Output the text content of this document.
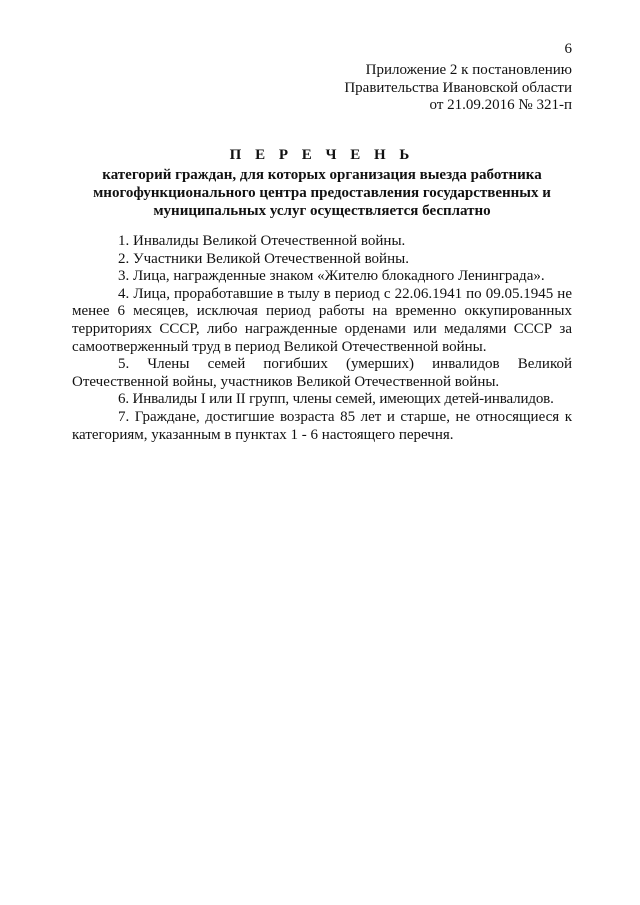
6
Приложение 2 к постановлению
Правительства Ивановской области
от 21.09.2016 № 321-п
П Е Р Е Ч Е Н Ь
категорий граждан, для которых организация выезда работника
многофункционального центра предоставления государственных и
муниципальных услуг осуществляется бесплатно

1. Инвалиды Великой Отечественной войны.

2. Участники Великой Отечественной войны.

3. Лица, награжденные знаком «Жителю блокадного Ленинграда».

4. Лица, проработавшие в тылу в период с 22.06.1941 по 09.05.1945 не менее 6 месяцев, исключая период работы на временно оккупированных территориях СССР, либо награжденные орденами или медалями СССР за самоотверженный труд в период Великой Отечественной войны.

5. Члены семей погибших (умерших) инвалидов Великой Отечественной войны, участников Великой Отечественной войны.

6. Инвалиды I или II групп, члены семей, имеющих детей-инвалидов.

7. Граждане, достигшие возраста 85 лет и старше, не относящиеся к категориям, указанным в пунктах 1 - 6 настоящего перечня.
